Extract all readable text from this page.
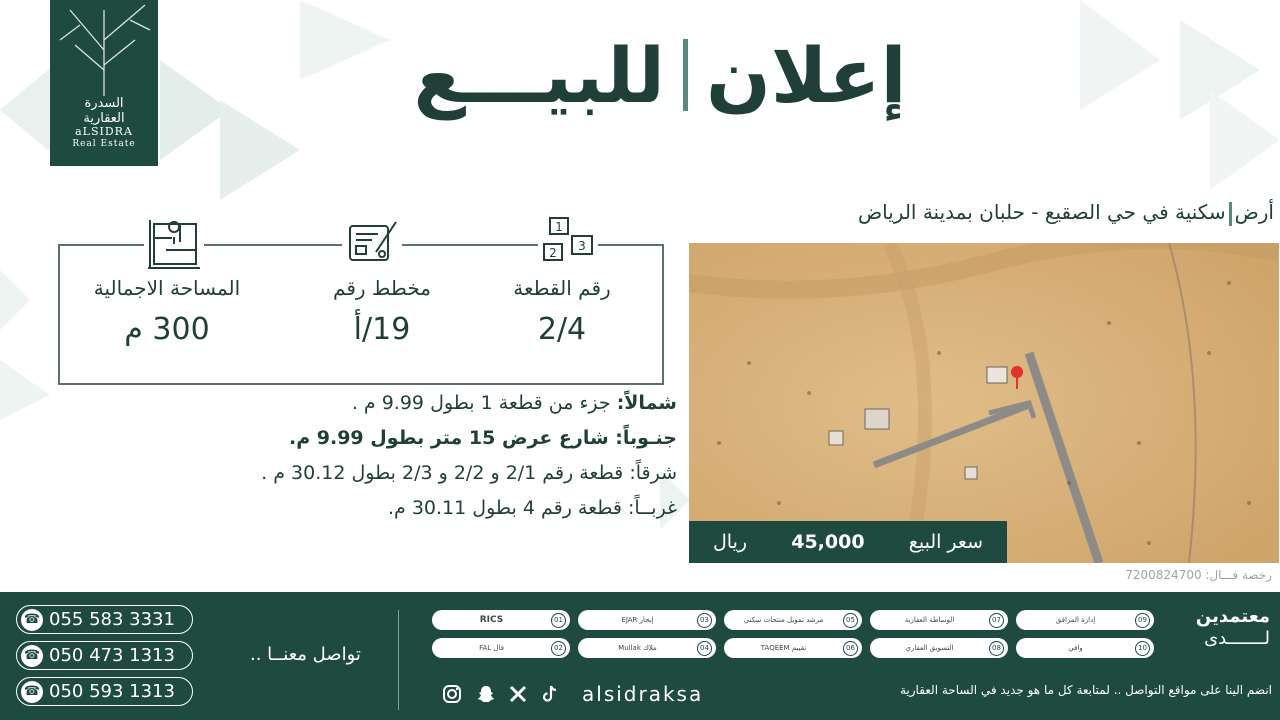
السدرة
العقارية
aLSIDRA
Real Estate
إعلان
للبيـــع
رقم القطعة
2/4
مخطط رقم
19/أ
المساحة الاجمالية
300 م
1
2 3
شمالاً: جزء من قطعة 1 بطول 9.99 م .
جنـوباً: شارع عرض 15 متر بطول 9.99 م.
شرقاً: قطعة رقم 2/1 و 2/2 و 2/3 بطول 30.12 م .
غربــاً: قطعة رقم 4 بطول 30.11 م.
أرضسكنية في حي الصقيع - حلبان بمدينة الرياض
سعر البيع
45,000
ريال
رخصة فـــال: 7200824700
☎ 055 583 3331
☎ 050 473 1313
☎ 050 593 1313
تواصل معنــا ..
01
RICS
02
فال FAL
03
إيجار EJAR
04
ملاك Mullak
05
مرشد تمويل منتجات سكني
06
تقييم TAQEEM
07
الوساطة العقارية
08
التسويق العقاري
09
إدارة المرافق
10
وافي
معتمدين
لـــــــدى
alsidraksa	انضم الينا على مواقع التواصل .. لمتابعة كل ما هو جديد في الساحة العقارية
